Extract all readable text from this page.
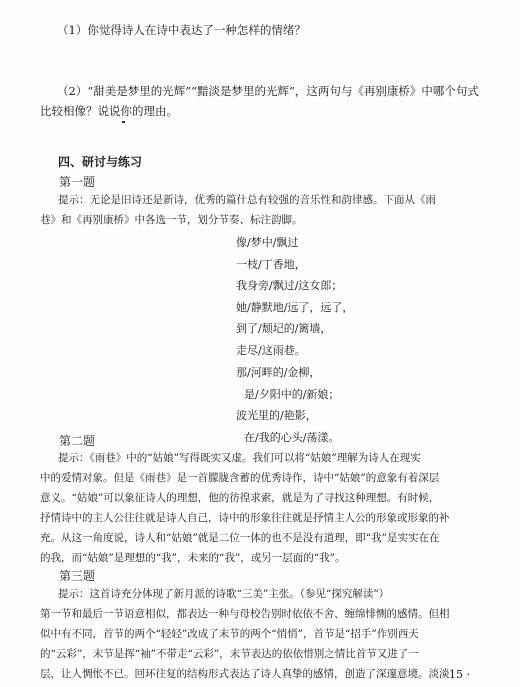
（1）你觉得诗人在诗中表达了一种怎样的情绪？
（2）“甜美是梦里的光辉”“黯淡是梦里的光辉”，这两句与《再别康桥》中哪个句式
比较相像？说说你的理由。
四、研讨与练习
第一题
提示：无论是旧诗还是新诗，优秀的篇什总有较强的音乐性和韵律感。下面从《雨
巷》和《再别康桥》中各选一节，划分节奏、标注韵脚。
像/梦中/飘过
一枝/丁香地，
我身旁/飘过/这女郎；
她/静默地/远了，远了，
到了/颓圮的/篱墙，
走尽/这雨巷。
那/河畔的/金柳，
是/夕阳中的/新娘；
波光里的/艳影，
在/我的心头/荡漾。
第二题
提示：《雨巷》中的“姑娘”写得既实又虚。我们可以将“姑娘”理解为诗人在现实
中的爱情对象。但是《雨巷》是一首朦胧含蓄的优秀诗作，诗中“姑娘”的意象有着深层
意义。“姑娘”可以象征诗人的理想，他的彷徨求索，就是为了寻找这种理想。有时候，
抒情诗中的主人公往往就是诗人自己，诗中的形象往往就是抒情主人公的形象或形象的补
充。从这一角度说，诗人和“姑娘”就是二位一体的也不是没有道理，即“我”是实实在在
的我，而“姑娘”是理想的“我”，未来的“我”，或另一层面的“我”。
第三题
提示：这首诗充分体现了新月派的诗歌“三美”主张。（参见“探究解读”）
第一节和最后一节语意相似，都表达一种与母校告别时依依不舍、缠绵悱恻的感情。但相
似中有不同，首节的两个“轻轻”改成了末节的两个“悄悄”，首节是“招手”作别西天
的“云彩”，末节是挥“袖”不带走“云彩”，末节表达的依依惜别之情比首节又进了一
层，让人惆怅不已。回环往复的结构形式表达了诗人真挚的感情，创造了深邃意境。淡淡
· 15 ·
